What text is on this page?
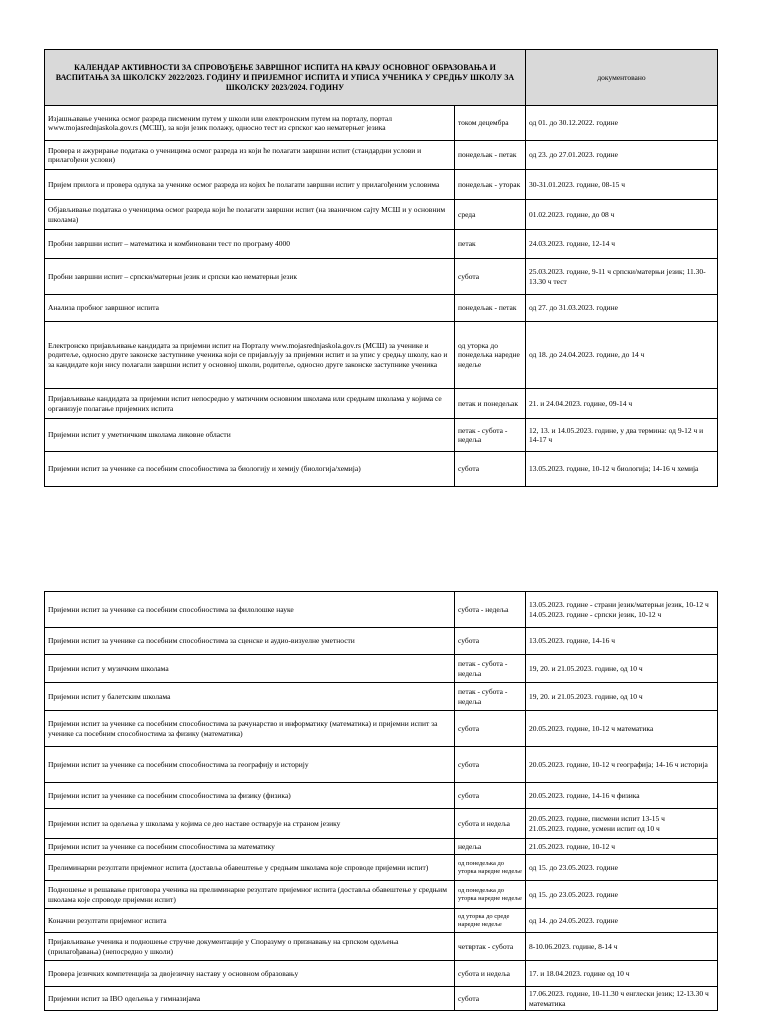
КАЛЕНДАР АКТИВНОСТИ ЗА СПРОВОЂЕЊЕ ЗАВРШНОГ ИСПИТА НА КРАЈУ ОСНОВНОГ ОБРАЗОВАЊА И ВАСПИТАЊА ЗА ШКОЛСКУ 2022/2023. ГОДИНУ И ПРИЈЕМНОГ ИСПИТА И УПИСА УЧЕНИКА У СРЕДЊУ ШКОЛУ ЗА ШКОЛСКУ 2023/2024. ГОДИНУ		документовано
Изјашњавање ученика осмог разреда писменим путем у школи или електронским путем на порталу, портал www.mojasrednjaskola.gov.rs (МСШ), за који језик полажу, односно тест из српског као нематерњег језика	током децембра	од 01. до 30.12.2022. године
Провера и ажурирање података о ученицима осмог разреда из који ће полагати завршни испит (стандардни услови и прилагођени услови)	понедељак - петак	од 23. до 27.01.2023. године
Пријем прилога и провера одлука за ученике осмог разреда из којих ће полагати завршни испит у прилагођеним условима	понедељак - уторак	30-31.01.2023. године, 08-15 ч
Објављивање података о ученицима осмог разреда који ће полагати завршни испит (на званичном сајту МСШ и у основним школама)	среда	01.02.2023. године, до 08 ч
Пробни завршни испит – математика и комбиновани тест по програму 4000	петак	24.03.2023. године, 12-14 ч
Пробни завршни испит – српски/матерњи језик и српски као нематерњи језик	субота	25.03.2023. године, 9-11 ч српски/матерњи језик; 11.30-13.30 ч тест
Анализа пробног завршног испита	понедељак - петак	од 27. до 31.03.2023. године
Електронско пријављивање кандидата за пријемни испит на Порталу www.mojasrednjaskola.gov.rs (МСШ) за ученике и родитеље, односно друге законске заступнике ученика који се пријављују за пријемни испит и за упис у средњу школу, као и за кандидате који нису полагали завршни испит у основној школи, родитеље, односно друге законске заступнике ученика	од уторка до понедељка наредне недеље	од 18. до 24.04.2023. године, до 14 ч
Пријављивање кандидата за пријемни испит непосредно у матичним основним школама или средњим школама у којима се организује полагање пријемних испита	петак и понедељак	21. и 24.04.2023. године, 09-14 ч
Пријемни испит у уметничким школама ликовне области	петак - субота - недеља	12, 13. и 14.05.2023. године, у два термина: од 9-12 ч и 14-17 ч
Пријемни испит за ученике са посебним способностима за биологију и хемију (биологија/хемија)	субота	13.05.2023. године, 10-12 ч биологија; 14-16 ч хемија
Пријемни испит за ученике са посебним способностима за филолошке науке	субота - недеља	13.05.2023. године - страни језик/матерњи језик, 10-12 ч
14.05.2023. године - српски језик, 10-12 ч
Пријемни испит за ученике са посебним способностима за сценске и аудио-визуелне уметности	субота	13.05.2023. године, 14-16 ч
Пријемни испит у музичким школама	петак - субота - недеља	19, 20. и 21.05.2023. године, од 10 ч
Пријемни испит у балетским школама	петак - субота - недеља	19, 20. и 21.05.2023. године, од 10 ч
Пријемни испит за ученике са посебним способностима за рачунарство и информатику (математика) и пријемни испит за ученике са посебним способностима за физику (математика)	субота	20.05.2023. године, 10-12 ч математика
Пријемни испит за ученике са посебним способностима за географију и историју	субота	20.05.2023. године, 10-12 ч географија; 14-16 ч историја
Пријемни испит за ученике са посебним способностима за физику (физика)	субота	20.05.2023. године, 14-16 ч физика
Пријемни испит за одељења у школама у којима се део наставе остварује на страном језику	субота и недеља	20.05.2023. године, писмени испит 13-15 ч
21.05.2023. године, усмени испит од 10 ч
Пријемни испит за ученике са посебним способностима за математику	недеља	21.05.2023. године, 10-12 ч
Прелиминарни резултати пријемног испита (доставља обавештење у средњим школама које спроводе пријемни испит)	од понедељка до уторка наредне недеље	од 15. до 23.05.2023. године
Подношење и решавање приговора ученика на прелиминарне резултате пријемног испита (доставља обавештење у средњим школама које спроводе пријемни испит)	од понедељка до уторка наредне недеље	од 15. до 23.05.2023. године
Коначни резултати пријемног испита	од уторка до среде наредне недеље	од 14. до 24.05.2023. године
Пријављивање ученика и подношење стручне документације у Споразуму о признавању на српском одељења (прилагођавања) (непосредно у школи)	четвртак - субота	8-10.06.2023. године, 8-14 ч
Провера језичких компетенција за двојезичну наставу у основном образовању	субота и недеља	17. и 18.04.2023. године од 10 ч
Пријемни испит за IBO одељења у гимназијама	субота	17.06.2023. године, 10-11.30 ч енглески језик; 12-13.30 ч математика
